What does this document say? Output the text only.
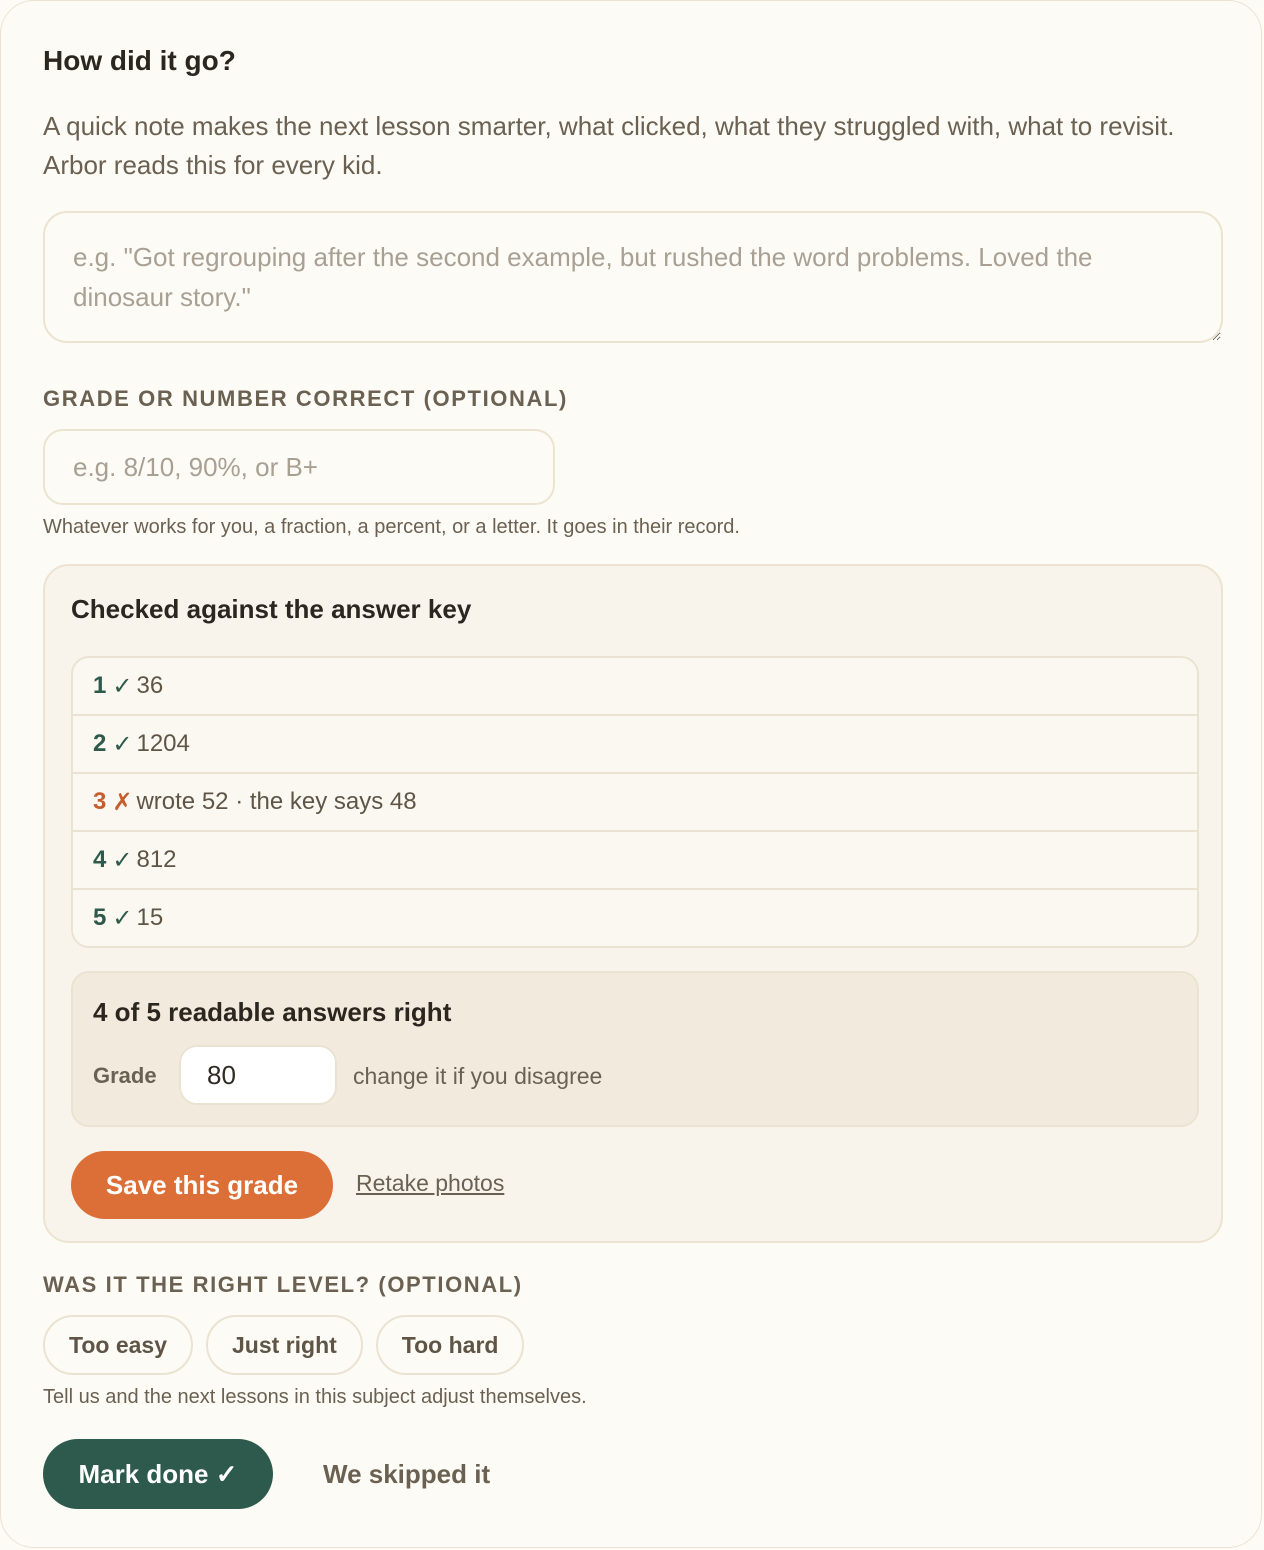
How did it go?
A quick note makes the next lesson smarter, what clicked, what they struggled with, what to revisit. Arbor reads this for every kid.
e.g. "Got regrouping after the second example, but rushed the word problems. Loved the dinosaur story."
GRADE OR NUMBER CORRECT (OPTIONAL)
e.g. 8/10, 90%, or B+
Whatever works for you, a fraction, a percent, or a letter. It goes in their record.
Checked against the answer key
1 ✓ 36
2 ✓ 1204
3 ✗ wrote 52 · the key says 48
4 ✓ 812
5 ✓ 15
4 of 5 readable answers right
Grade
80	change it if you disagree
Save this grade	Retake photos
WAS IT THE RIGHT LEVEL? (OPTIONAL)
Too easy	Just right	Too hard
Tell us and the next lessons in this subject adjust themselves.
Mark done ✓	We skipped it
